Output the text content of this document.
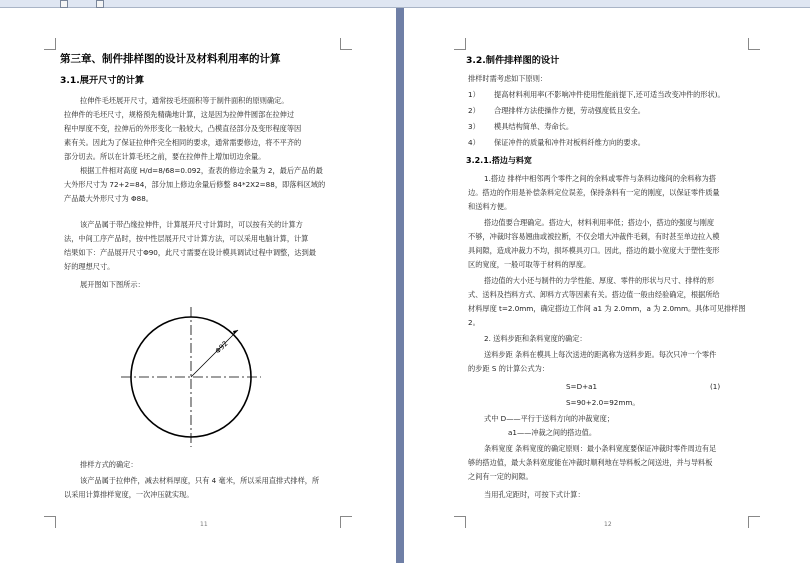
第三章、制件排样图的设计及材料利用率的计算
3.1.展开尺寸的计算
拉伸件毛坯展开尺寸，通常按毛坯面积等于制件面积的原则确定。
拉伸件的毛坯尺寸，规格预先精确地计算，这是因为拉伸件圆部在拉伸过
程中厚度不变，拉伸后的外形变化一般较大，凸模直径部分及变形程度等因
素有关。因此为了保证拉伸件完全相同的要求，通常需要修边，将不平齐的
部分切去。所以在计算毛坯之前，要在拉伸件上增加切边余量。
根据工件相对高度 H/d=8/68=0.092，查表的修边余量为 2，最后产品的最
大外形尺寸为 72+2=84，部分加上修边余量后修整 84*2X2=88，即落料区域的
产品最大外形尺寸为 Φ88。
该产品属于带凸缘拉伸件，计算展开尺寸计算时，可以按有关的计算方
法，中间工序产品时，按中性层展开尺寸计算方法，可以采用电脑计算，计算
结果如下：产品展开尺寸Φ90，此尺寸需要在设计模具调试过程中调整，达到最
好的理想尺寸。
展开图如下图所示：
Φ92
排样方式的确定：
该产品属于拉伸件，减去材料厚度，只有 4 毫米，所以采用直排式排样，所
以采用计算排样宽度，一次冲压就实现。
11
3.2.制件排样图的设计
排样时需考虑如下原则：
1） 提高材料利用率(不影响冲件使用性能前提下,还可适当改变冲件的形状)。
2） 合理排样方法使操作方便，劳动强度低且安全。
3） 模具结构简单、寿命长。
4） 保证冲件的质量和冲件对板料纤维方向的要求。
3.2.1.搭边与料宽
1.搭边 排样中相邻两个零件之间的余料或零件与条料边缘间的余料称为搭
边。搭边的作用是补偿条料定位误差，保持条料有一定的刚度，以保证零件质量
和送料方便。
搭边值要合理确定。搭边大，材料利用率低；搭边小，搭边的强度与刚度
不够，冲裁时容易翘曲或被拉断，不仅会增大冲裁件毛刺，有时甚至单边拉入模
具间隙，造成冲裁力不均，损坏模具刃口。因此，搭边的最小宽度大于塑性变形
区的宽度，一般可取等于材料的厚度。
搭边值的大小还与制件的力学性能、厚度、零件的形状与尺寸、排样的形
式、送料及挡料方式、卸料方式等因素有关。搭边值一般由经验确定，根据所给
材料厚度 t=2.0mm，确定搭边工作间 a1 为 2.0mm，a 为 2.0mm。具体可见排样图
2。
2. 送料步距和条料宽度的确定：
送料步距 条料在模具上每次送进的距离称为送料步距。每次只冲一个零件
的步距 S 的计算公式为：
S=D+a1	(1)
S=90+2.0=92mm。
式中 D——平行于送料方向的冲裁宽度；
a1——冲裁之间的搭边值。
条料宽度 条料宽度的确定原则：最小条料宽度要保证冲裁时零件周边有足
够的搭边值，最大条料宽度能在冲裁时顺利地在导料板之间送进，并与导料板
之间有一定的间隙。
当用孔定距时，可按下式计算：
12
